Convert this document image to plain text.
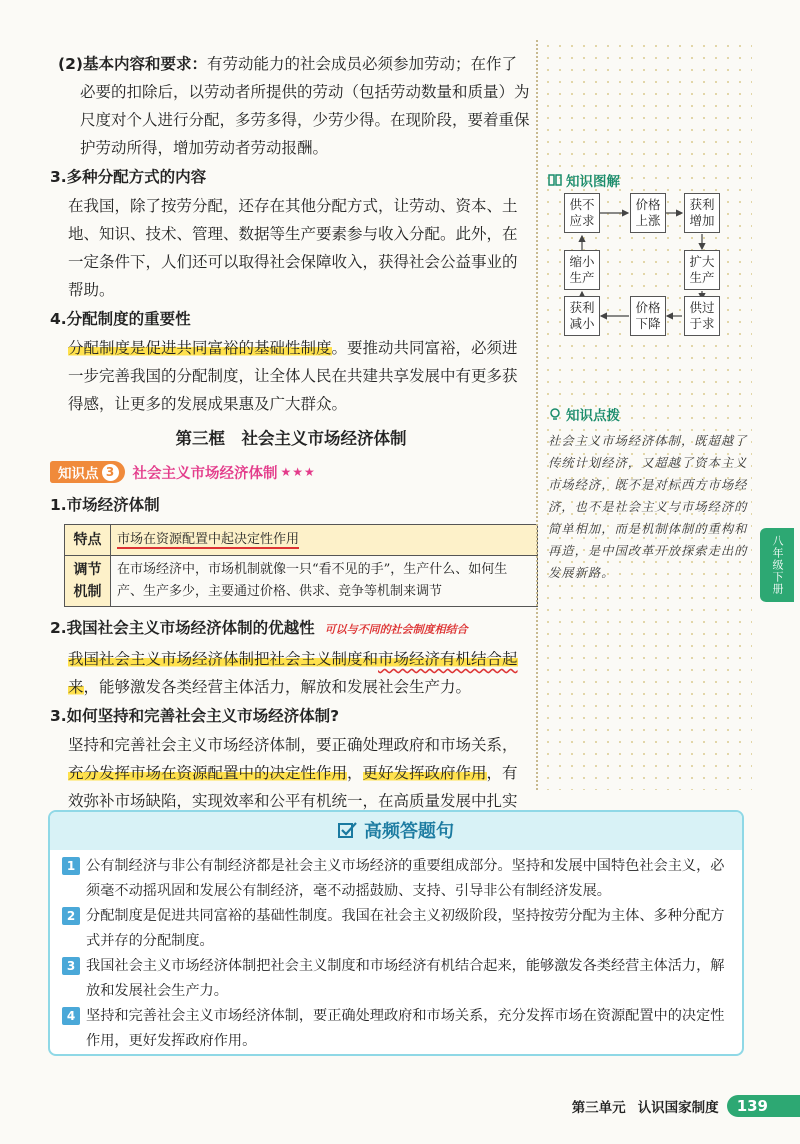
(2)基本内容和要求：有劳动能力的社会成员必须参加劳动；在作了必要的扣除后，以劳动者所提供的劳动（包括劳动数量和质量）为尺度对个人进行分配，多劳多得，少劳少得。在现阶段，要着重保护劳动所得，增加劳动者劳动报酬。

3.多种分配方式的内容

在我国，除了按劳分配，还存在其他分配方式，让劳动、资本、土地、知识、技术、管理、数据等生产要素参与收入分配。此外，在一定条件下，人们还可以取得社会保障收入，获得社会公益事业的帮助。

4.分配制度的重要性

分配制度是促进共同富裕的基础性制度。要推动共同富裕，必须进一步完善我国的分配制度，让全体人民在共建共享发展中有更多获得感，让更多的发展成果惠及广大群众。

第三框　社会主义市场经济体制
知识点 3 社会主义市场经济体制 ★★★
1.市场经济体制
特点	市场在资源配置中起决定性作用
调节机制	在市场经济中，市场机制就像一只“看不见的手”，生产什么、如何生产、生产多少，主要通过价格、供求、竞争等机制来调节
2.我国社会主义市场经济体制的优越性 可以与不同的社会制度相结合

我国社会主义市场经济体制把社会主义制度和市场经济有机结合起来，能够激发各类经营主体活力，解放和发展社会生产力。

3.如何坚持和完善社会主义市场经济体制?

坚持和完善社会主义市场经济体制，要正确处理政府和市场关系，充分发挥市场在资源配置中的决定性作用，更好发挥政府作用，有效弥补市场缺陷，实现效率和公平有机统一，在高质量发展中扎实

知识图解
供不应求
价格上涨
获利增加
扩大生产
供过于求
价格下降
获利减小
缩小生产
知识点拨

社会主义市场经济体制，既超越了传统计划经济，又超越了资本主义市场经济，既不是对标西方市场经济，也不是社会主义与市场经济的简单相加，而是机制体制的重构和再造，是中国改革开放探索走出的发展新路。	八年级下册
高频答题句
1 公有制经济与非公有制经济都是社会主义市场经济的重要组成部分。坚持和发展中国特色社会主义，必须毫不动摇巩固和发展公有制经济，毫不动摇鼓励、支持、引导非公有制经济发展。
2 分配制度是促进共同富裕的基础性制度。我国在社会主义初级阶段，坚持按劳分配为主体、多种分配方式并存的分配制度。
3 我国社会主义市场经济体制把社会主义制度和市场经济有机结合起来，能够激发各类经营主体活力，解放和发展社会生产力。
4 坚持和完善社会主义市场经济体制，要正确处理政府和市场关系，充分发挥市场在资源配置中的决定性作用，更好发挥政府作用。
第三单元 认识国家制度	139
